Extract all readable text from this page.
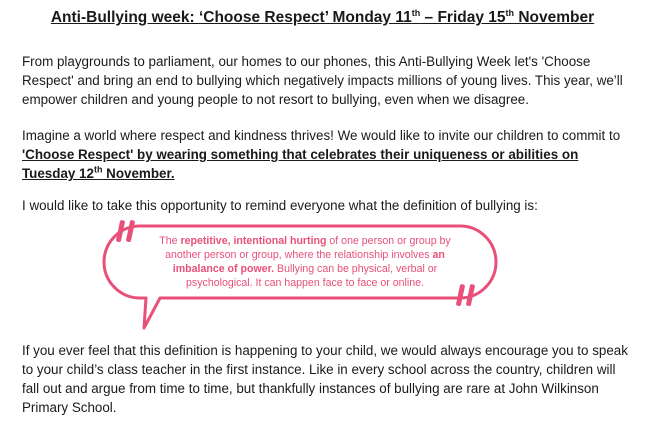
Anti-Bullying week: ‘Choose Respect’ Monday 11th – Friday 15th November

From playgrounds to parliament, our homes to our phones, this Anti-Bullying Week let's 'Choose Respect' and bring an end to bullying which negatively impacts millions of young lives. This year, we’ll empower children and young people to not resort to bullying, even when we disagree.

Imagine a world where respect and kindness thrives! We would like to invite our children to commit to 'Choose Respect' by wearing something that celebrates their uniqueness or abilities on Tuesday 12th November.

I would like to take this opportunity to remind everyone what the definition of bullying is:

The repetitive, intentional hurting of one person or group by another person or group, where the relationship involves an imbalance of power. Bullying can be physical, verbal or psychological. It can happen face to face or online.

If you ever feel that this definition is happening to your child, we would always encourage you to speak to your child’s class teacher in the first instance. Like in every school across the country, children will fall out and argue from time to time, but thankfully instances of bullying are rare at John Wilkinson Primary School.
